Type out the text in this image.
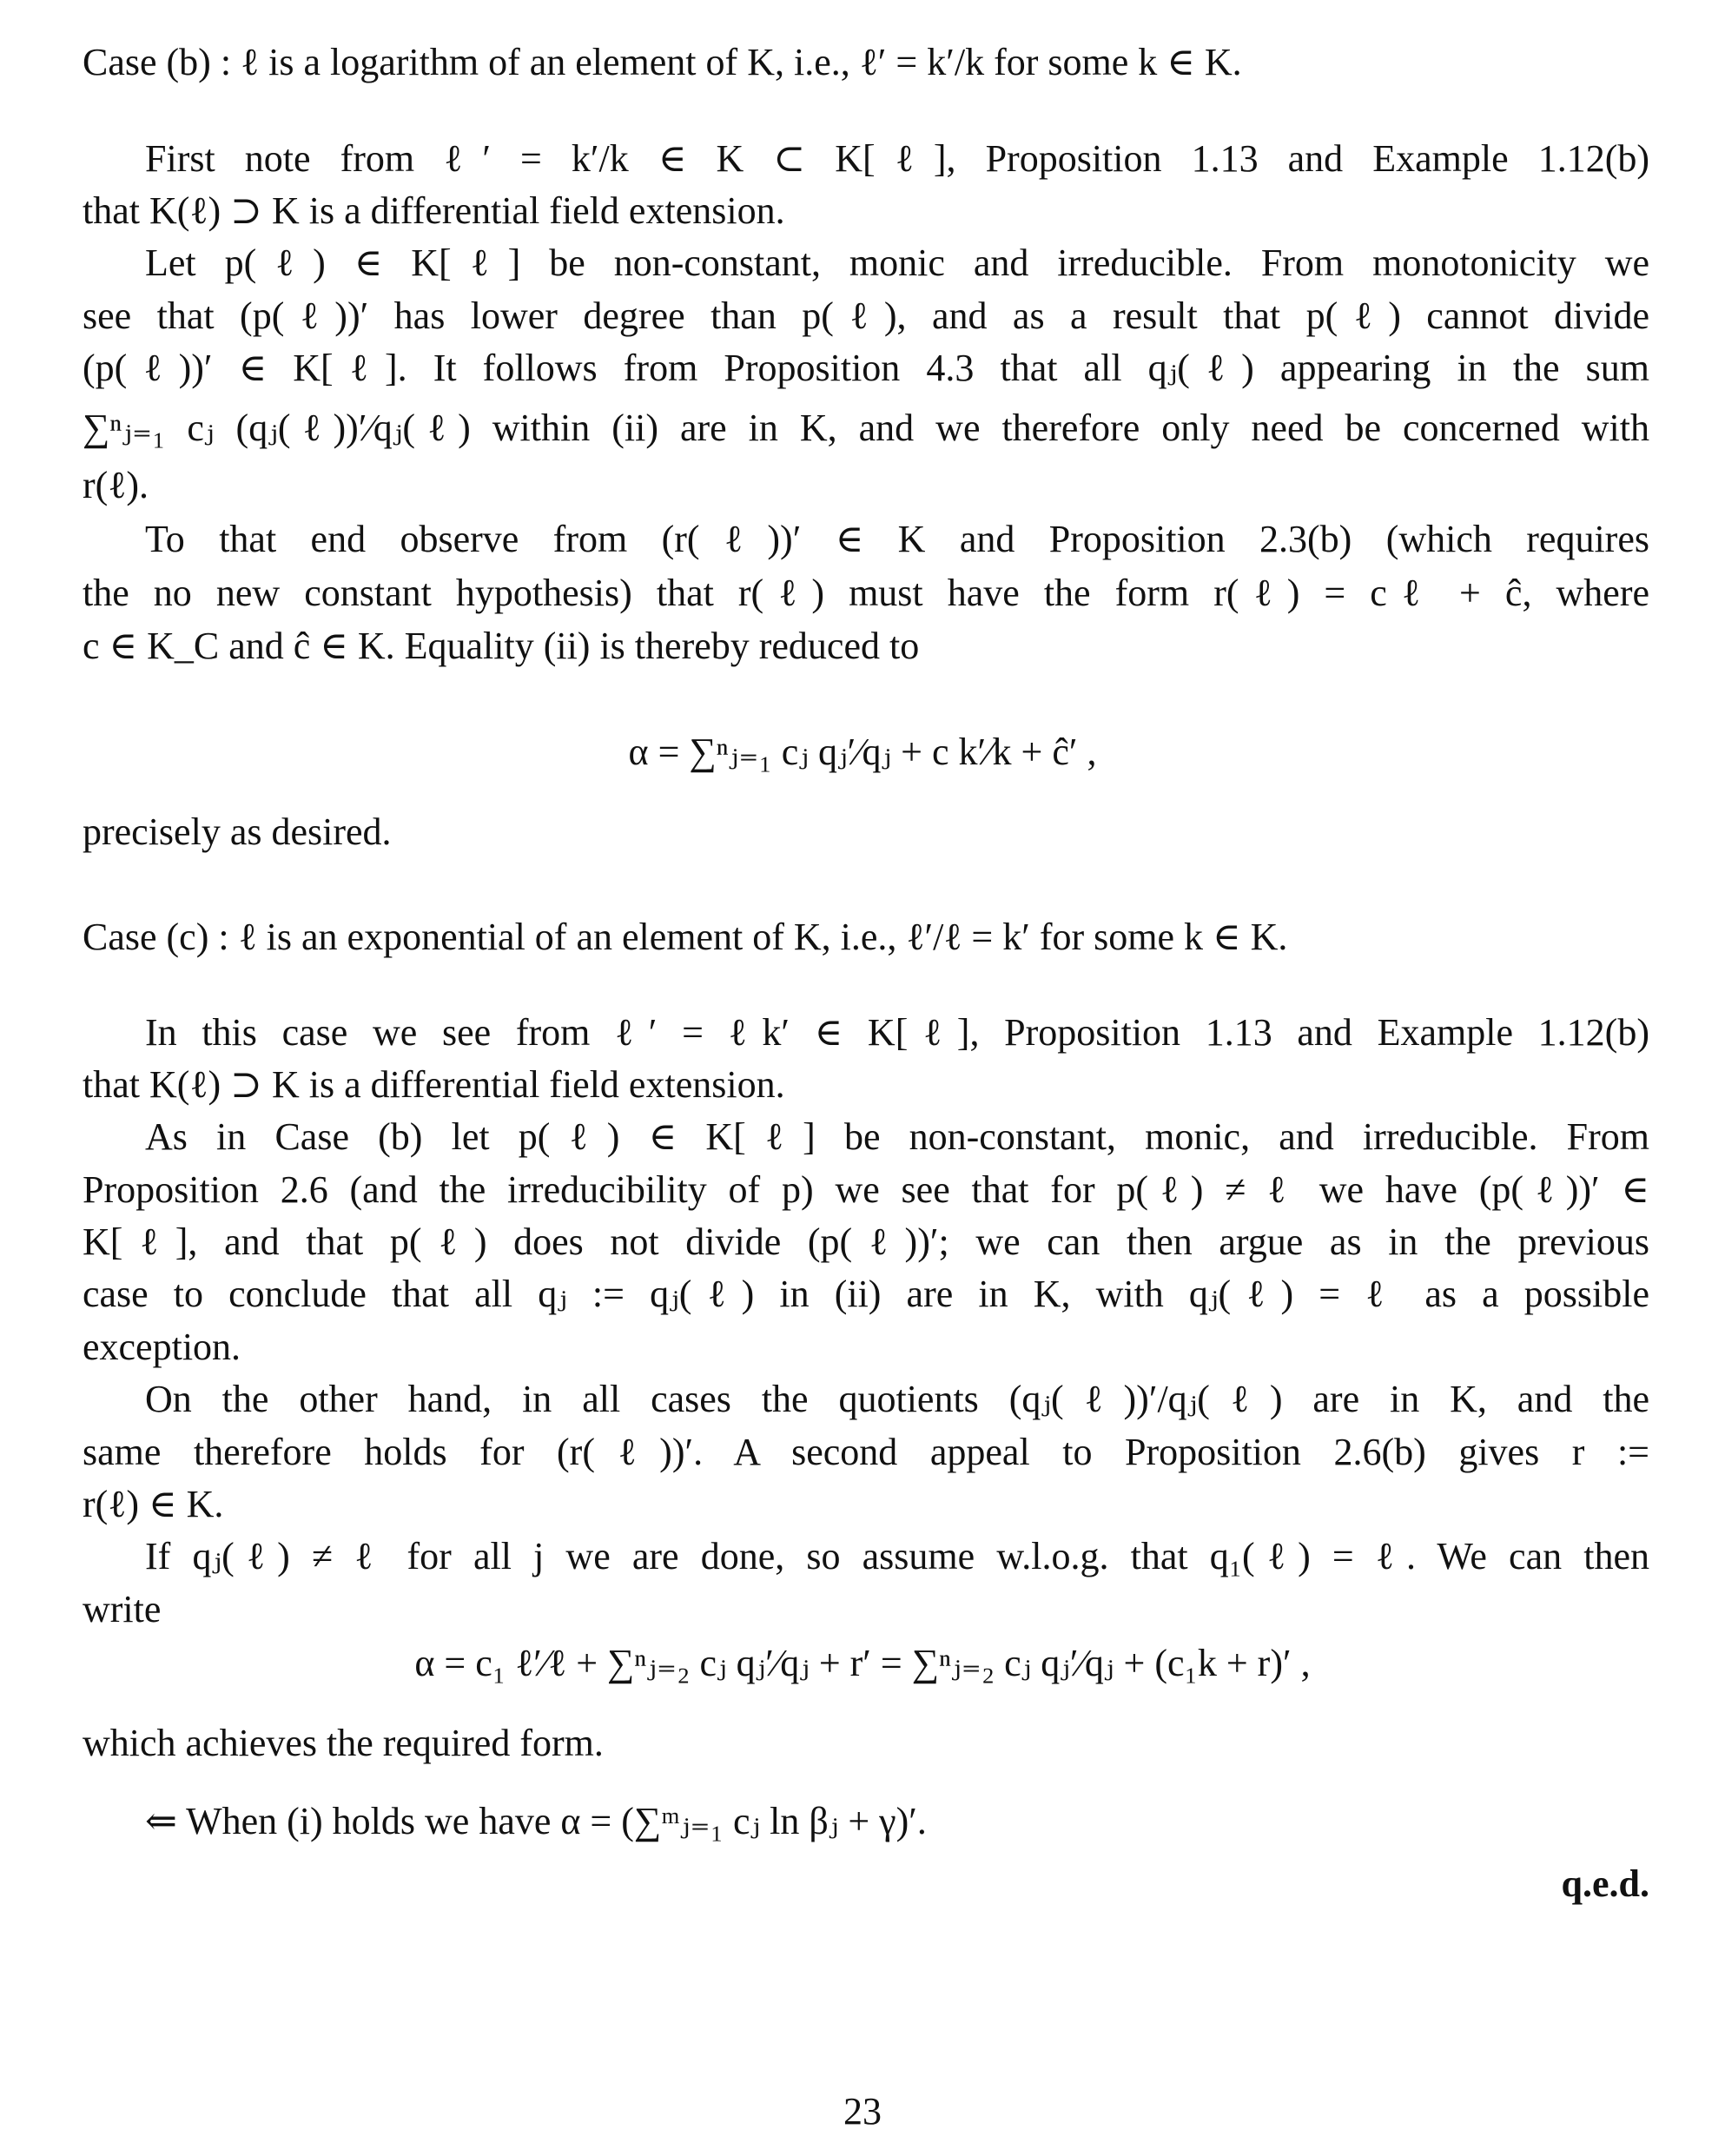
Case (b) : ℓ is a logarithm of an element of K, i.e., ℓ′ = k′/k for some k ∈ K.
First note from ℓ′ = k′/k ∈ K ⊂ K[ℓ], Proposition 1.13 and Example 1.12(b)
that K(ℓ) ⊃ K is a differential field extension.
Let p(ℓ) ∈ K[ℓ] be non-constant, monic and irreducible. From monotonicity we
see that (p(ℓ))′ has lower degree than p(ℓ), and as a result that p(ℓ) cannot divide
(p(ℓ))′ ∈ K[ℓ]. It follows from Proposition 4.3 that all qⱼ(ℓ) appearing in the sum
∑ⁿⱼ₌₁ cⱼ (qⱼ(ℓ))′⁄qⱼ(ℓ) within (ii) are in K, and we therefore only need be concerned with
r(ℓ).
To that end observe from (r(ℓ))′ ∈ K and Proposition 2.3(b) (which requires
the no new constant hypothesis) that r(ℓ) must have the form r(ℓ) = cℓ + ĉ, where
c ∈ K_C and ĉ ∈ K. Equality (ii) is thereby reduced to
α = ∑ⁿⱼ₌₁ cⱼ qⱼ′⁄qⱼ + c k′⁄k + ĉ′ ,
precisely as desired.
Case (c) : ℓ is an exponential of an element of K, i.e., ℓ′/ℓ = k′ for some k ∈ K.
In this case we see from ℓ′ = ℓk′ ∈ K[ℓ], Proposition 1.13 and Example 1.12(b)
that K(ℓ) ⊃ K is a differential field extension.
As in Case (b) let p(ℓ) ∈ K[ℓ] be non-constant, monic, and irreducible. From
Proposition 2.6 (and the irreducibility of p) we see that for p(ℓ) ≠ ℓ we have (p(ℓ))′ ∈
K[ℓ], and that p(ℓ) does not divide (p(ℓ))′; we can then argue as in the previous
case to conclude that all qⱼ := qⱼ(ℓ) in (ii) are in K, with qⱼ(ℓ) = ℓ as a possible
exception.
On the other hand, in all cases the quotients (qⱼ(ℓ))′/qⱼ(ℓ) are in K, and the
same therefore holds for (r(ℓ))′. A second appeal to Proposition 2.6(b) gives r :=
r(ℓ) ∈ K.
If qⱼ(ℓ) ≠ ℓ for all j we are done, so assume w.l.o.g. that q₁(ℓ) = ℓ. We can then
write
α = c₁ ℓ′⁄ℓ + ∑ⁿⱼ₌₂ cⱼ qⱼ′⁄qⱼ + r′ = ∑ⁿⱼ₌₂ cⱼ qⱼ′⁄qⱼ + (c₁k + r)′ ,
which achieves the required form.
⇐ When (i) holds we have α = (∑ᵐⱼ₌₁ cⱼ ln βⱼ + γ)′.
q.e.d.
23
